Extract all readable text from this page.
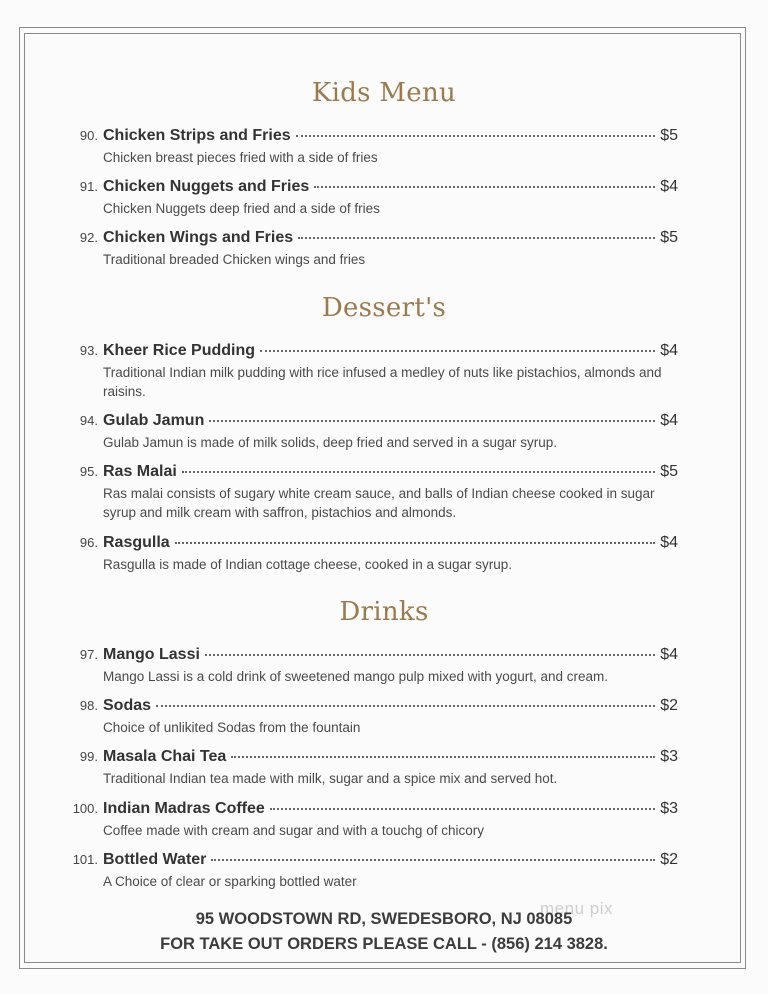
Kids Menu
90. Chicken Strips and Fries	$5
Chicken breast pieces fried with a side of fries
91. Chicken Nuggets and Fries	$4
Chicken Nuggets deep fried and a side of fries
92. Chicken Wings and Fries	$5
Traditional breaded Chicken wings and fries
Dessert's
93. Kheer Rice Pudding	$4
Traditional Indian milk pudding with rice infused a medley of nuts like pistachios, almonds and raisins.
94. Gulab Jamun	$4
Gulab Jamun is made of milk solids, deep fried and served in a sugar syrup.
95. Ras Malai	$5
Ras malai consists of sugary white cream sauce, and balls of Indian cheese cooked in sugar syrup and milk cream with saffron, pistachios and almonds.
96. Rasgulla	$4
Rasgulla is made of Indian cottage cheese, cooked in a sugar syrup.
Drinks
97. Mango Lassi	$4
Mango Lassi is a cold drink of sweetened mango pulp mixed with yogurt, and cream.
98. Sodas	$2
Choice of unlikited Sodas from the fountain
99. Masala Chai Tea	$3
Traditional Indian tea made with milk, sugar and a spice mix and served hot.
100. Indian Madras Coffee	$3
Coffee made with cream and sugar and with a touchg of chicory
101. Bottled Water	$2
A Choice of clear or sparking bottled water
menu pix
95 WOODSTOWN RD, SWEDESBORO, NJ 08085
FOR TAKE OUT ORDERS PLEASE CALL - (856) 214 3828.
